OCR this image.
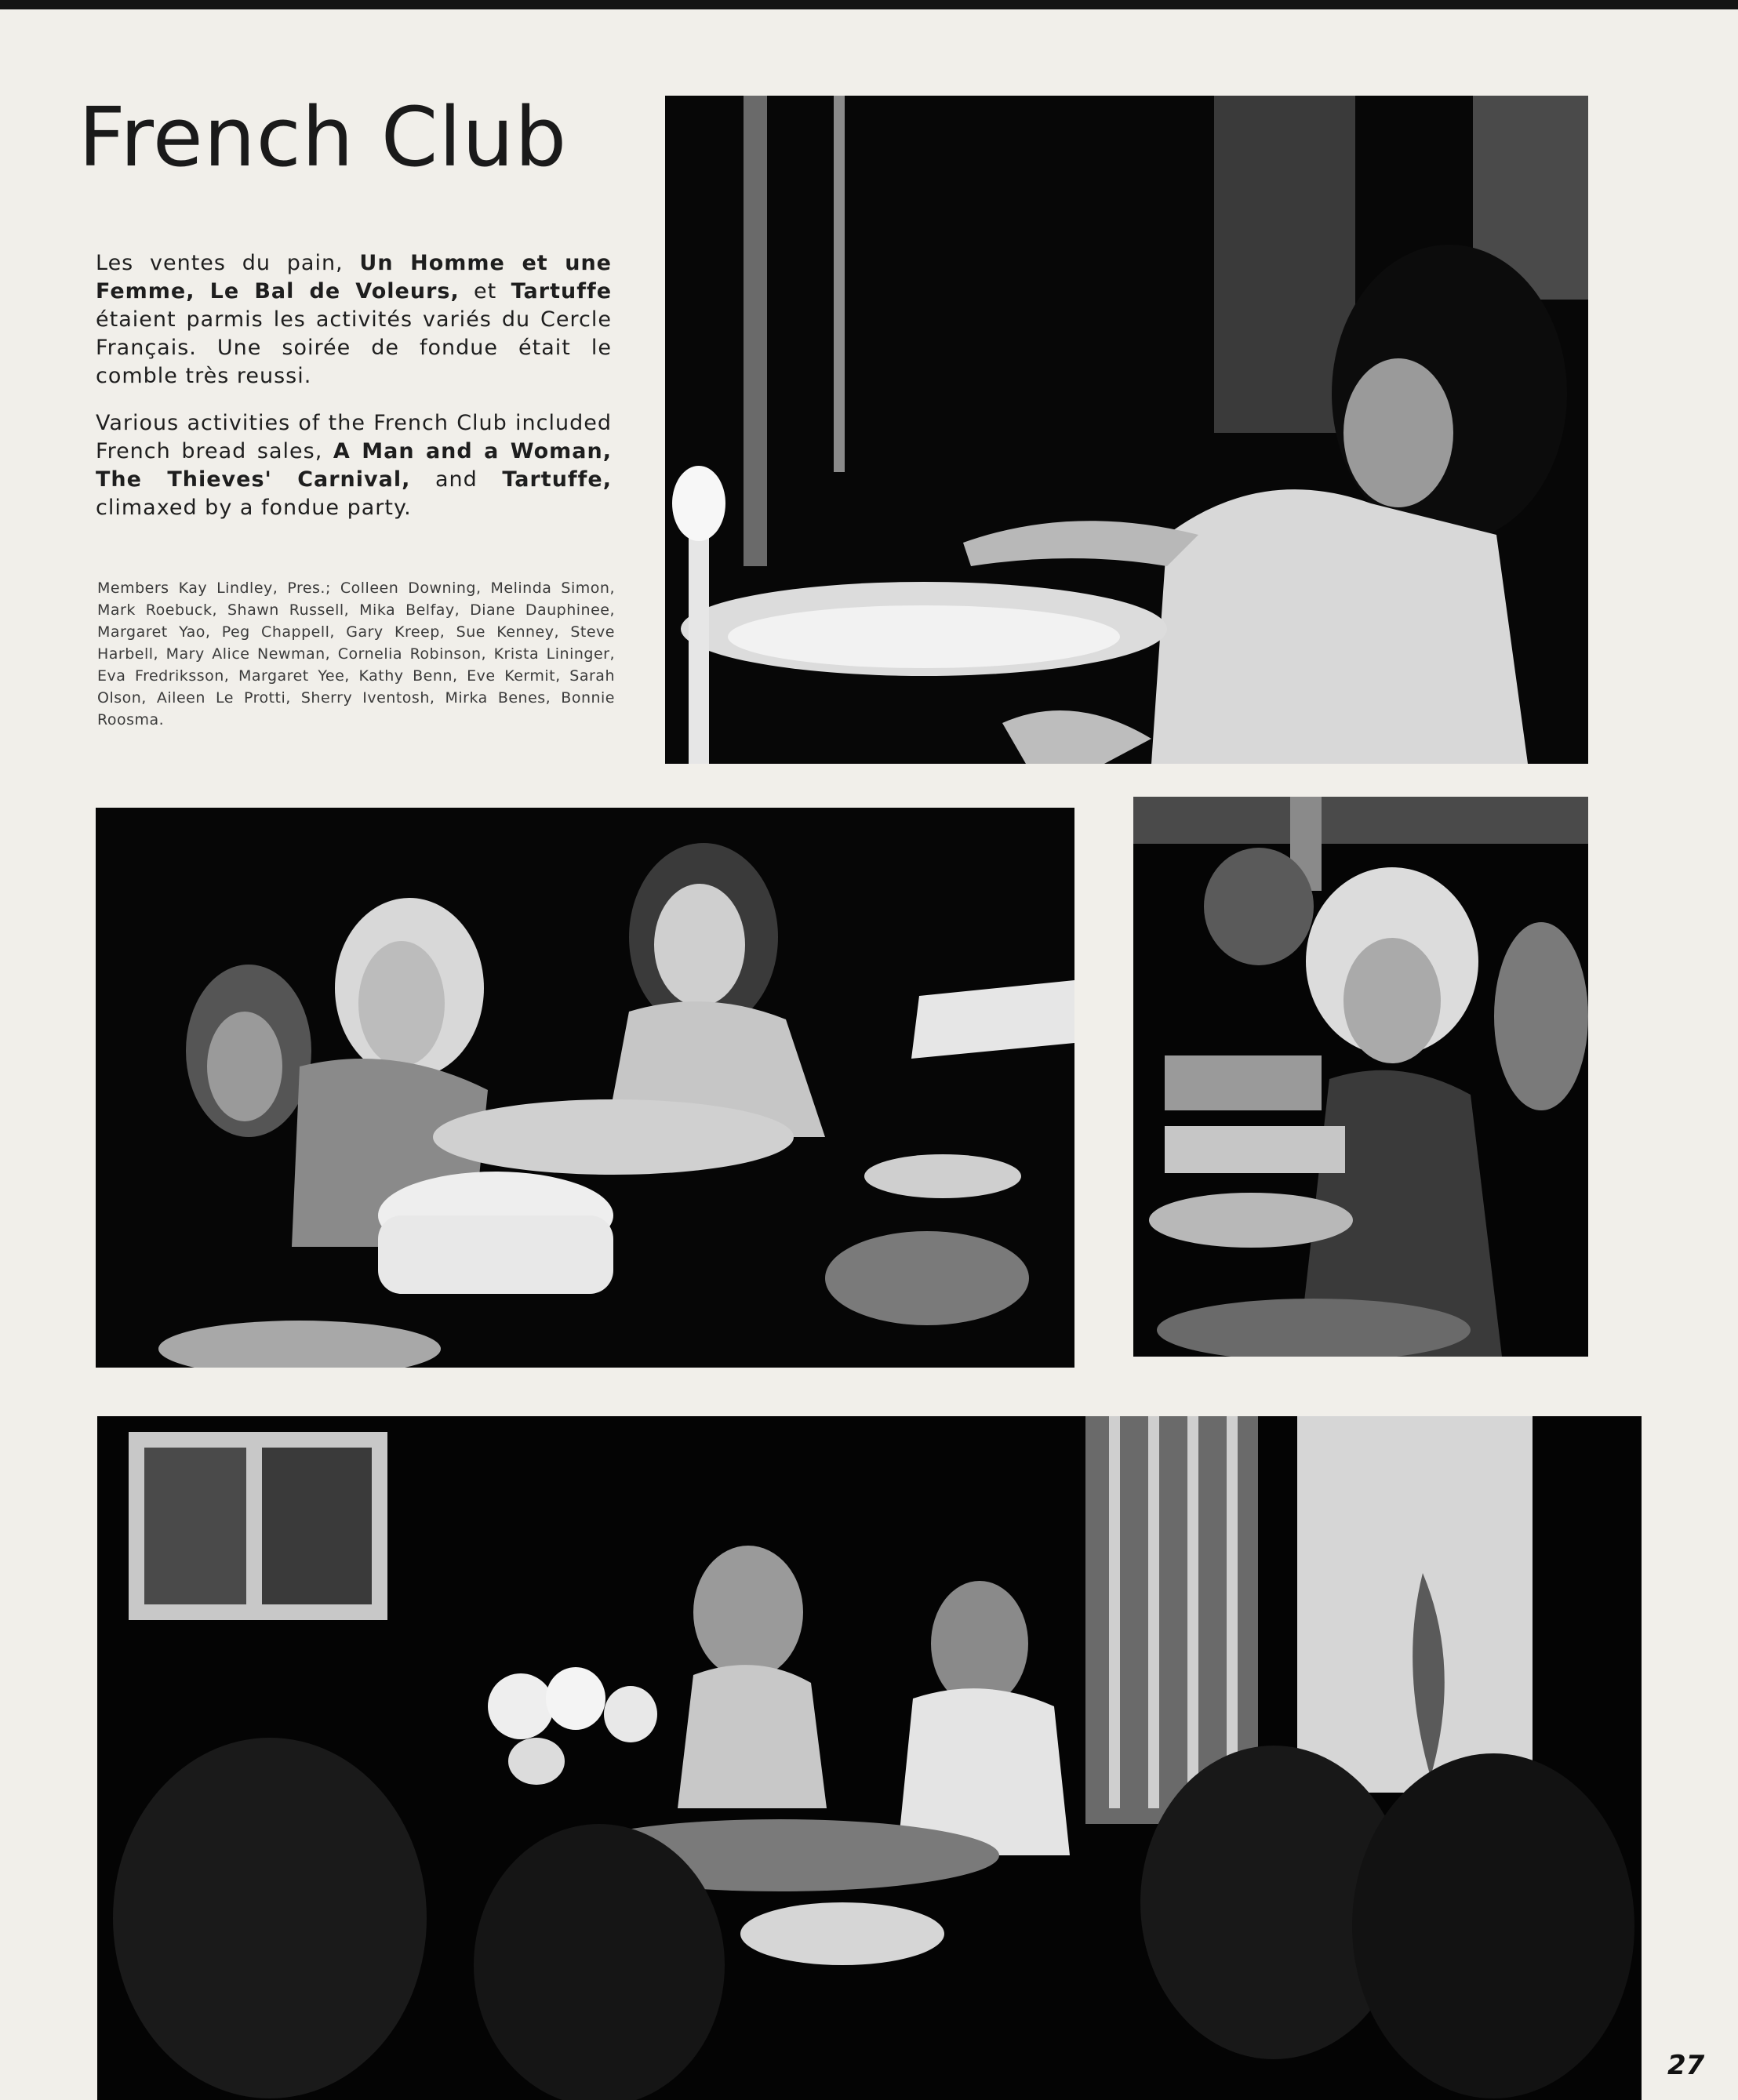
French Club

Les ventes du pain, Un Homme et une Femme, Le Bal de Voleurs, et Tartuffe étaient parmis les activités variés du Cercle Français. Une soirée de fondue était le comble très reussi.

Various activities of the French Club included French bread sales, A Man and a Woman, The Thieves' Carnival, and Tartuffe, climaxed by a fondue party.

Members Kay Lindley, Pres.; Colleen Downing, Melinda Simon, Mark Roebuck, Shawn Russell, Mika Belfay, Diane Dauphinee, Margaret Yao, Peg Chappell, Gary Kreep, Sue Kenney, Steve Harbell, Mary Alice Newman, Cornelia Robinson, Krista Lininger, Eva Fredriksson, Margaret Yee, Kathy Benn, Eve Kermit, Sarah Olson, Aileen Le Protti, Sherry Iventosh, Mirka Benes, Bonnie Roosma.

27
